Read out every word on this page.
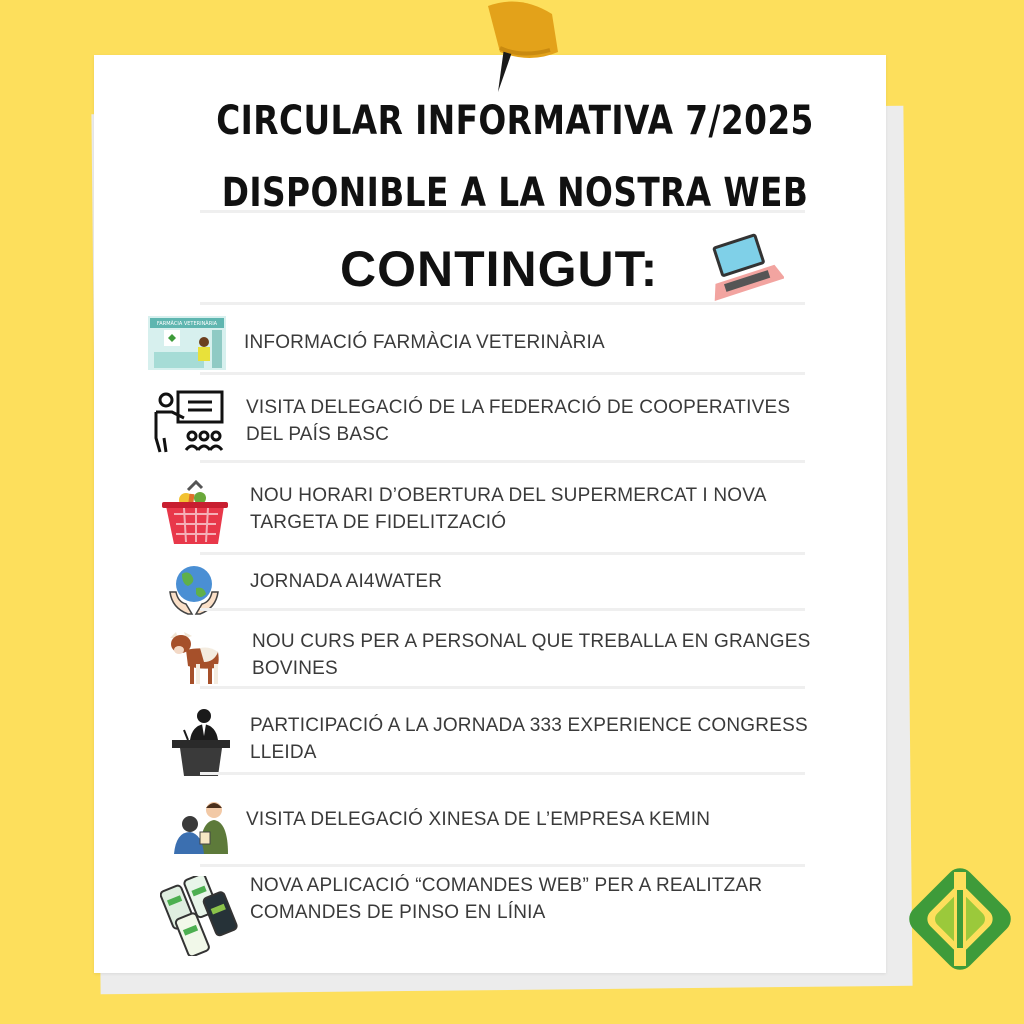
CIRCULAR INFORMATIVA 7/2025
DISPONIBLE A LA NOSTRA WEB
CONTINGUT:
FARMÀCIA VETERINÀRIA
INFORMACIÓ FARMÀCIA VETERINÀRIA
VISITA DELEGACIÓ DE LA FEDERACIÓ DE COOPERATIVES DEL PAÍS BASC
NOU HORARI D’OBERTURA DEL SUPERMERCAT I NOVA TARGETA DE FIDELITZACIÓ
JORNADA AI4WATER
NOU CURS PER A PERSONAL QUE TREBALLA EN GRANGES BOVINES
PARTICIPACIÓ A LA JORNADA 333 EXPERIENCE CONGRESS LLEIDA
VISITA DELEGACIÓ XINESA DE L’EMPRESA KEMIN
NOVA APLICACIÓ “COMANDES WEB” PER A REALITZAR COMANDES DE PINSO EN LÍNIA
